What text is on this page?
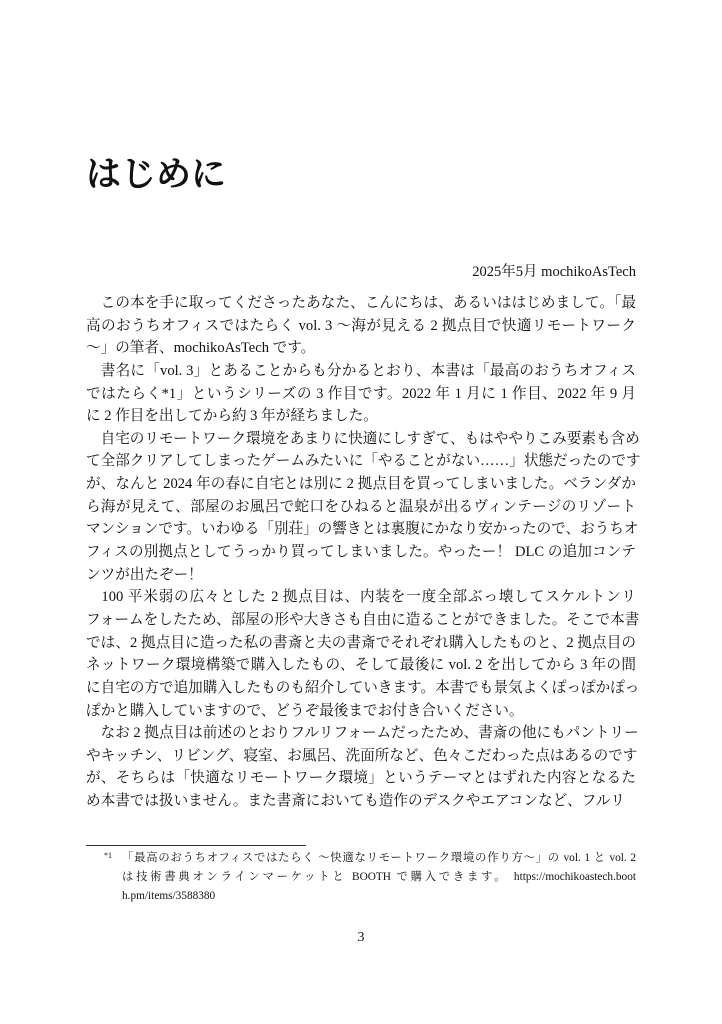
はじめに
2025年5月 mochikoAsTech
　この本を手に取ってくださったあなた、こんにちは、あるいははじめまして。「最
高のおうちオフィスではたらく vol. 3 〜海が見える 2 拠点目で快適リモートワーク
〜」の筆者、mochikoAsTech です。
　書名に「vol. 3」とあることからも分かるとおり、本書は「最高のおうちオフィス
ではたらく*1」というシリーズの 3 作目です。2022 年 1 月に 1 作目、2022 年 9 月
に 2 作目を出してから約 3 年が経ちました。
　自宅のリモートワーク環境をあまりに快適にしすぎて、もはややりこみ要素も含め
て全部クリアしてしまったゲームみたいに「やることがない……」状態だったのです
が、なんと 2024 年の春に自宅とは別に 2 拠点目を買ってしまいました。ベランダか
ら海が見えて、部屋のお風呂で蛇口をひねると温泉が出るヴィンテージのリゾート
マンションです。いわゆる「別荘」の響きとは裏腹にかなり安かったので、おうちオ
フィスの別拠点としてうっかり買ってしまいました。やったー！ DLC の追加コンテ
ンツが出たぞー！
　100 平米弱の広々とした 2 拠点目は、内装を一度全部ぶっ壊してスケルトンリ
フォームをしたため、部屋の形や大きさも自由に造ることができました。そこで本書
では、2 拠点目に造った私の書斎と夫の書斎でそれぞれ購入したものと、2 拠点目の
ネットワーク環境構築で購入したもの、そして最後に vol. 2 を出してから 3 年の間
に自宅の方で追加購入したものも紹介していきます。本書でも景気よくぽっぽかぽっ
ぽかと購入していますので、どうぞ最後までお付き合いください。
　なお 2 拠点目は前述のとおりフルリフォームだったため、書斎の他にもパントリー
やキッチン、リビング、寝室、お風呂、洗面所など、色々こだわった点はあるのです
が、そちらは「快適なリモートワーク環境」というテーマとはずれた内容となるた
め本書では扱いません。また書斎においても造作のデスクやエアコンなど、フルリ
*1 「最高のおうちオフィスではたらく 〜快適なリモートワーク環境の作り方〜」の vol. 1 と vol. 2
は技術書典オンラインマーケットと BOOTH で購入できます。 https://mochikoastech.boot
h.pm/items/3588380
3
